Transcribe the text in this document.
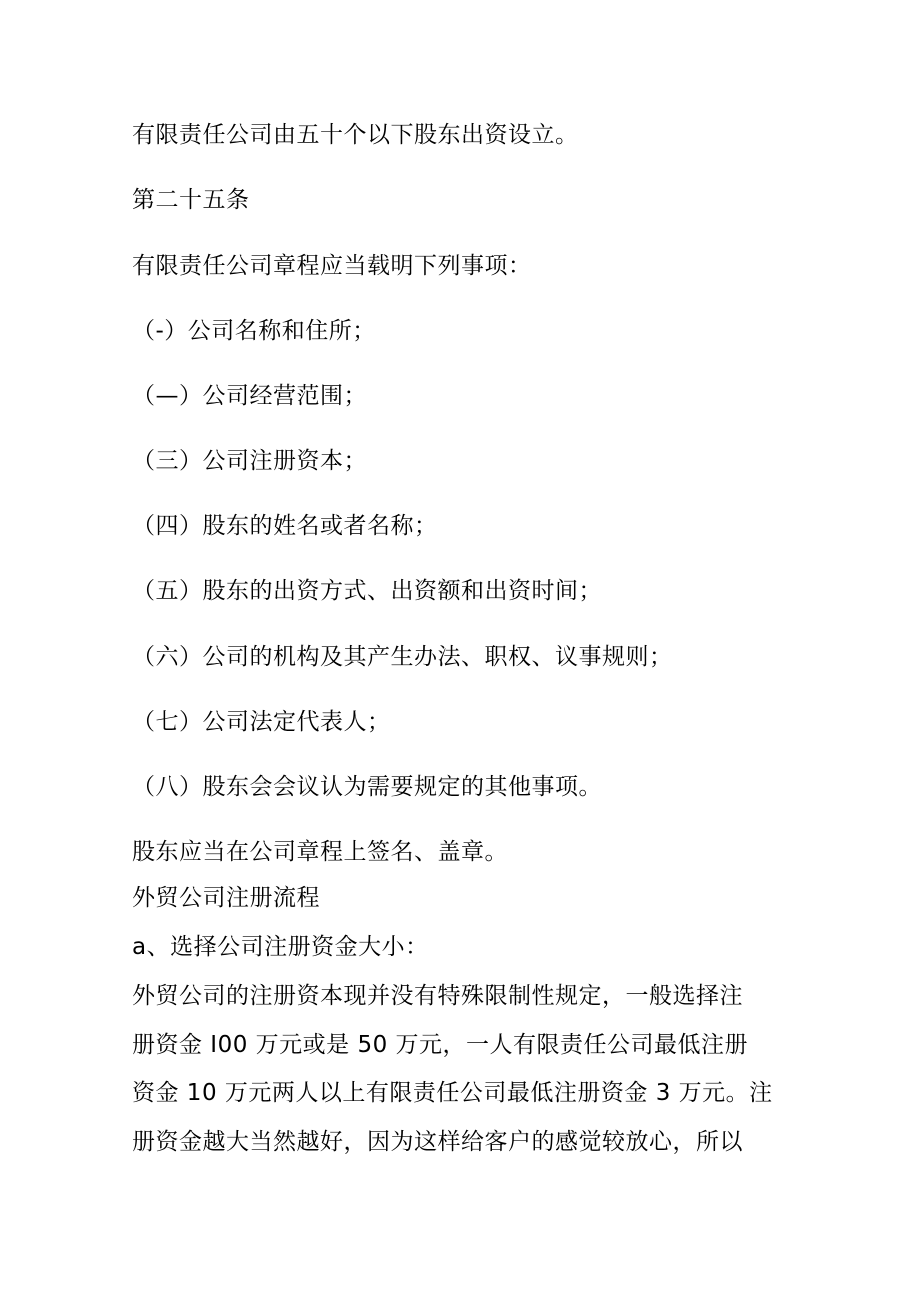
有限责任公司由五十个以下股东出资设立。
第二十五条
有限责任公司章程应当载明下列事项：
（-）公司名称和住所；
（—）公司经营范围；
（三）公司注册资本；
（四）股东的姓名或者名称；
（五）股东的出资方式、出资额和出资时间；
（六）公司的机构及其产生办法、职权、议事规则；
（七）公司法定代表人；
（八）股东会会议认为需要规定的其他事项。
股东应当在公司章程上签名、盖章。
外贸公司注册流程
a、选择公司注册资金大小：
外贸公司的注册资本现并没有特殊限制性规定，一般选择注
册资金 I00 万元或是 50 万元，一人有限责任公司最低注册
资金 10 万元两人以上有限责任公司最低注册资金 3 万元。注
册资金越大当然越好，因为这样给客户的感觉较放心，所以
